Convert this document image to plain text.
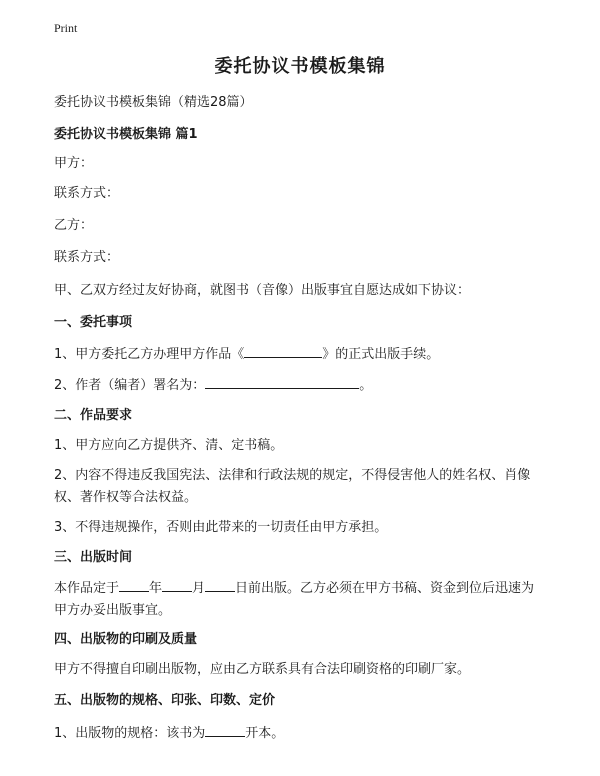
Print
委托协议书模板集锦

委托协议书模板集锦（精选28篇）

委托协议书模板集锦 篇1

甲方：

联系方式：

乙方：

联系方式：

甲、乙双方经过友好协商，就图书（音像）出版事宜自愿达成如下协议：

一、委托事项

1、甲方委托乙方办理甲方作品《	》的正式出版手续。

2、作者（编者）署名为：	。

二、作品要求

1、甲方应向乙方提供齐、清、定书稿。

2、内容不得违反我国宪法、法律和行政法规的规定，不得侵害他人的姓名权、肖像权、著作权等合法权益。

3、不得违规操作，否则由此带来的一切责任由甲方承担。

三、出版时间

本作品定于 年 月 日前出版。乙方必须在甲方书稿、资金到位后迅速为甲方办妥出版事宜。

四、出版物的印刷及质量

甲方不得擅自印刷出版物，应由乙方联系具有合法印刷资格的印刷厂家。

五、出版物的规格、印张、印数、定价

1、出版物的规格：该书为	开本。
